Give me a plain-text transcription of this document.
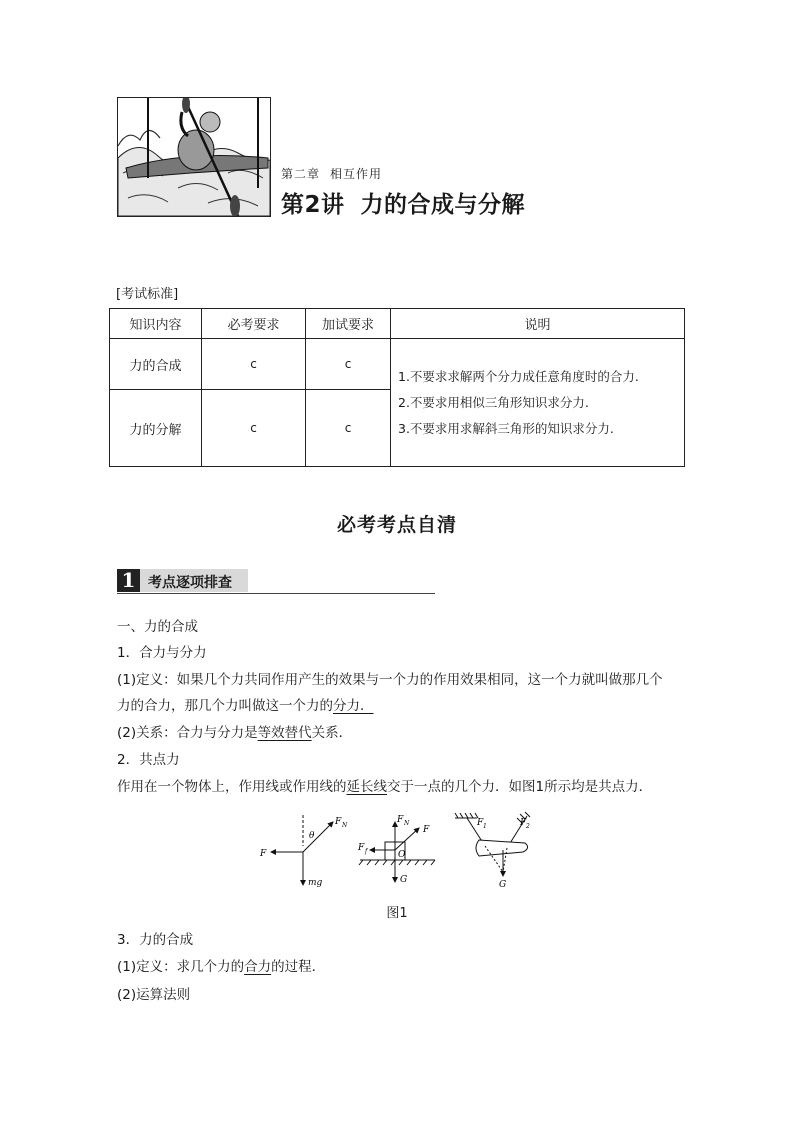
第二章 相互作用
第2讲 力的合成与分解
[考试标准]
知识内容	必考要求	加试要求	说明
力的合成	c	c	1.不要求求解两个分力成任意角度时的合力.
2.不要求用相似三角形知识求分力.
3.不要求用求解斜三角形的知识求分力.

力的分解	c	c	
必考考点自清
1 考点逐项排查
一、力的合成
1．合力与分力
(1)定义：如果几个力共同作用产生的效果与一个力的作用效果相同，这一个力就叫做那几个
力的合力，那几个力叫做这一个力的分力．
(2)关系：合力与分力是等效替代关系．
2．共点力
作用在一个物体上，作用线或作用线的延长线交于一点的几个力．如图1所示均是共点力．
θ
F N
F
mg
F N
F
F f	O
G
F 1	F 2
G
图1
3．力的合成
(1)定义：求几个力的合力的过程．
(2)运算法则
